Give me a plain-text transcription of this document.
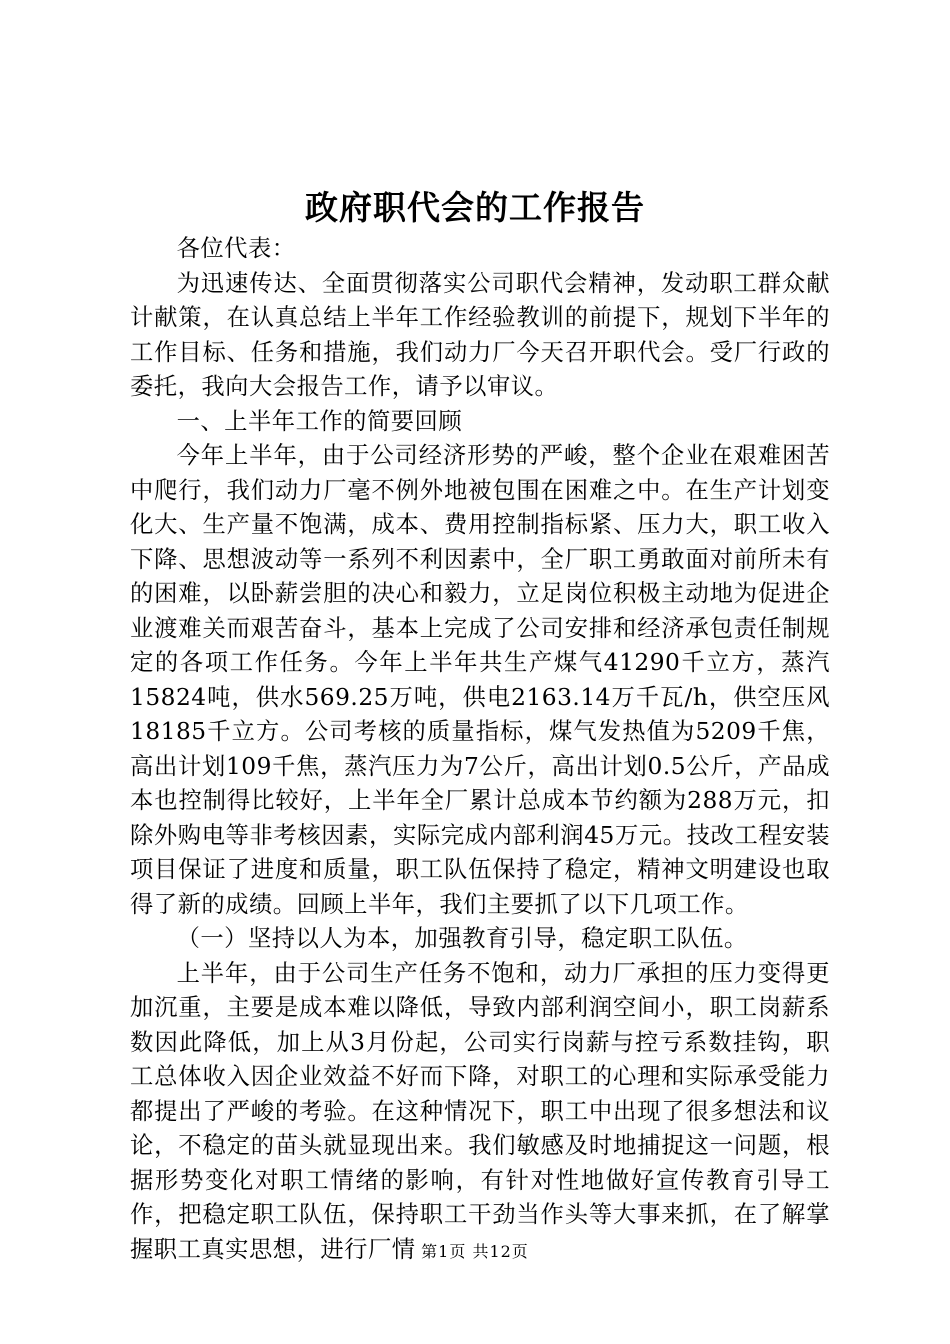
政府职代会的工作报告

各位代表：

为迅速传达、全面贯彻落实公司职代会精神，发动职工群众献计献策，在认真总结上半年工作经验教训的前提下，规划下半年的工作目标、任务和措施，我们动力厂今天召开职代会。受厂行政的委托，我向大会报告工作，请予以审议。

一、上半年工作的简要回顾

今年上半年，由于公司经济形势的严峻，整个企业在艰难困苦中爬行，我们动力厂毫不例外地被包围在困难之中。在生产计划变化大、生产量不饱满，成本、费用控制指标紧、压力大，职工收入下降、思想波动等一系列不利因素中，全厂职工勇敢面对前所未有的困难，以卧薪尝胆的决心和毅力，立足岗位积极主动地为促进企业渡难关而艰苦奋斗，基本上完成了公司安排和经济承包责任制规定的各项工作任务。今年上半年共生产煤气41290千立方，蒸汽15824吨，供水569.25万吨，供电2163.14万千瓦/h，供空压风18185千立方。公司考核的质量指标，煤气发热值为5209千焦，高出计划109千焦，蒸汽压力为7公斤，高出计划0.5公斤，产品成本也控制得比较好，上半年全厂累计总成本节约额为288万元，扣除外购电等非考核因素，实际完成内部利润45万元。技改工程安装项目保证了进度和质量，职工队伍保持了稳定，精神文明建设也取得了新的成绩。回顾上半年，我们主要抓了以下几项工作。

（一）坚持以人为本，加强教育引导，稳定职工队伍。

上半年，由于公司生产任务不饱和，动力厂承担的压力变得更加沉重，主要是成本难以降低，导致内部利润空间小，职工岗薪系数因此降低，加上从3月份起，公司实行岗薪与控亏系数挂钩，职工总体收入因企业效益不好而下降，对职工的心理和实际承受能力都提出了严峻的考验。在这种情况下，职工中出现了很多想法和议论，不稳定的苗头就显现出来。我们敏感及时地捕捉这一问题，根据形势变化对职工情绪的影响，有针对性地做好宣传教育引导工作，把稳定职工队伍，保持职工干劲当作头等大事来抓，在了解掌握职工真实思想，进行厂情 第1页 共12页
